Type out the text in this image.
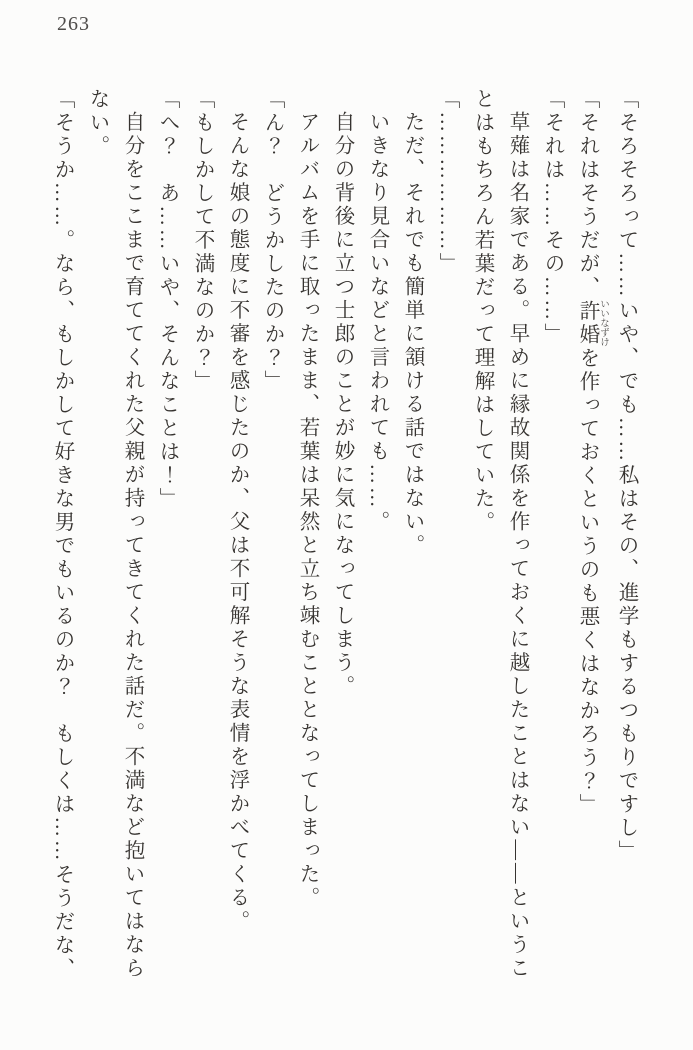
263
「そろそろって……いや、でも……私はその、進学もするつもりですし」
「それはそうだが、許婚 いいなずけを作っておくというのも悪くはなかろう？」
「それは……その……」
草薙は名家である。早めに縁故関係を作っておくに越したことはない――というこ
とはもちろん若葉だって理解はしていた。
「………………」
ただ、それでも簡単に頷ける話ではない。
いきなり見合いなどと言われても……。
自分の背後に立つ士郎のことが妙に気になってしまう。
アルバムを手に取ったまま、若葉は呆然と立ち竦むこととなってしまった。
「ん？　どうかしたのか？」
そんな娘の態度に不審を感じたのか、父は不可解そうな表情を浮かべてくる。
「もしかして不満なのか？」
「へ？　あ……いや、そんなことは！」
自分をここまで育ててくれた父親が持ってきてくれた話だ。不満など抱いてはなら
ない。
「そうか……。なら、もしかして好きな男でもいるのか？　もしくは……そうだな、
